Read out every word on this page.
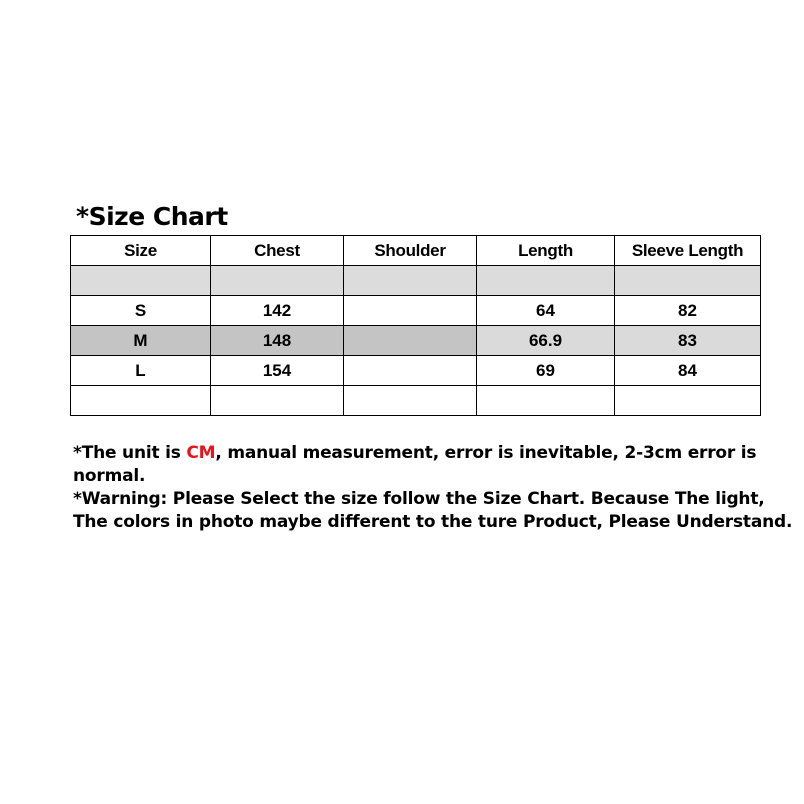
*Size Chart
Size	Chest	Shoulder	Length	Sleeve Length

S	142		64	82
M	148		66.9	83
L	154		69	84

*The unit is CM, manual measurement, error is inevitable, 2-3cm error is normal.

*Warning: Please Select the size follow the Size Chart. Because The light, The colors in photo maybe different to the ture Product, Please Understand.
